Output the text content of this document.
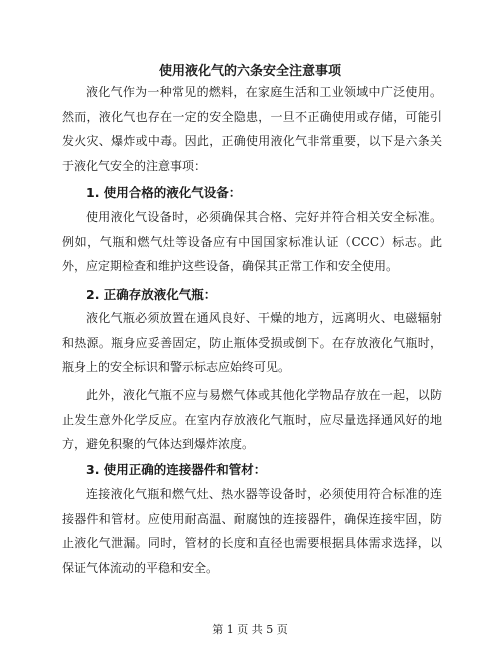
使用液化气的六条安全注意事项

液化气作为一种常见的燃料，在家庭生活和工业领域中广泛使用。然而，液化气也存在一定的安全隐患，一旦不正确使用或存储，可能引发火灾、爆炸或中毒。因此，正确使用液化气非常重要，以下是六条关于液化气安全的注意事项：

1. 使用合格的液化气设备：

使用液化气设备时，必须确保其合格、完好并符合相关安全标准。例如，气瓶和燃气灶等设备应有中国国家标准认证（CCC）标志。此外，应定期检查和维护这些设备，确保其正常工作和安全使用。

2. 正确存放液化气瓶：

液化气瓶必须放置在通风良好、干燥的地方，远离明火、电磁辐射和热源。瓶身应妥善固定，防止瓶体受损或倒下。在存放液化气瓶时，瓶身上的安全标识和警示标志应始终可见。

此外，液化气瓶不应与易燃气体或其他化学物品存放在一起，以防止发生意外化学反应。在室内存放液化气瓶时，应尽量选择通风好的地方，避免积聚的气体达到爆炸浓度。

3. 使用正确的连接器件和管材：

连接液化气瓶和燃气灶、热水器等设备时，必须使用符合标准的连接器件和管材。应使用耐高温、耐腐蚀的连接器件，确保连接牢固，防止液化气泄漏。同时，管材的长度和直径也需要根据具体需求选择，以保证气体流动的平稳和安全。

第 1 页 共 5 页
